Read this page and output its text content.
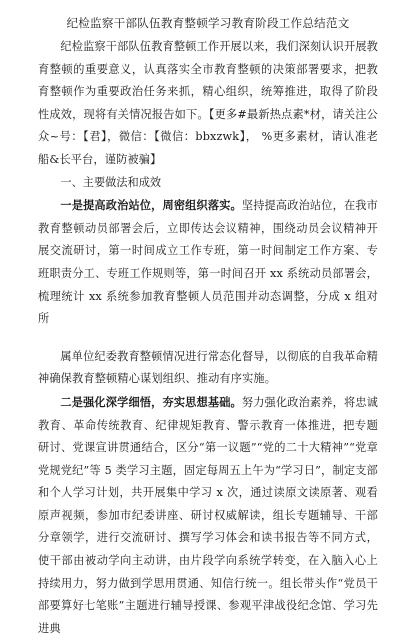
纪检监察干部队伍教育整顿学习教育阶段工作总结范文

纪检监察干部队伍教育整顿工作开展以来，我们深刻认识开展教育整顿的重要意义，认真落实全市教育整顿的决策部署要求，把教育整顿作为重要政治任务来抓，精心组织，统筹推进，取得了阶段性成效，现将有关情况报告如下。【更多#最新热点素*材，请关注公众~号：【君】，微信：【微信：bbxzwk】， %更多素材，请认准老船&长平台，谨防被骗】

一、主要做法和成效

一是提高政治站位，周密组织落实。坚持提高政治站位，在我市教育整顿动员部署会后，立即传达会议精神，围绕动员会议精神开展交流研讨，第一时间成立工作专班，第一时间制定工作方案、专班职责分工、专班工作规则等，第一时间召开 xx 系统动员部署会，梳理统计 xx 系统参加教育整顿人员范围并动态调整，分成 x 组对所

属单位纪委教育整顿情况进行常态化督导，以彻底的自我革命精神确保教育整顿精心谋划组织、推动有序实施。

二是强化深学细悟，夯实思想基础。努力强化政治素养，将忠诚教育、革命传统教育、纪律规矩教育、警示教育一体推进，把专题研讨、党课宣讲贯通结合，区分“第一议题”“党的二十大精神”“党章党规党纪”等 5 类学习主题，固定每周五上午为“学习日”，制定支部和个人学习计划，共开展集中学习 x 次，通过读原文读原著、观看原声视频，参加市纪委讲座、研讨权威解读，组长专题辅导、干部分章领学，进行交流研讨、撰写学习体会和读书报告等不同方式，使干部由被动学向主动讲，由片段学向系统学转变，在入脑入心上持续用力，努力做到学思用贯通、知信行统一。组长带头作“党员干部要算好七笔账”主题进行辅导授课、参观平津战役纪念馆、学习先进典
